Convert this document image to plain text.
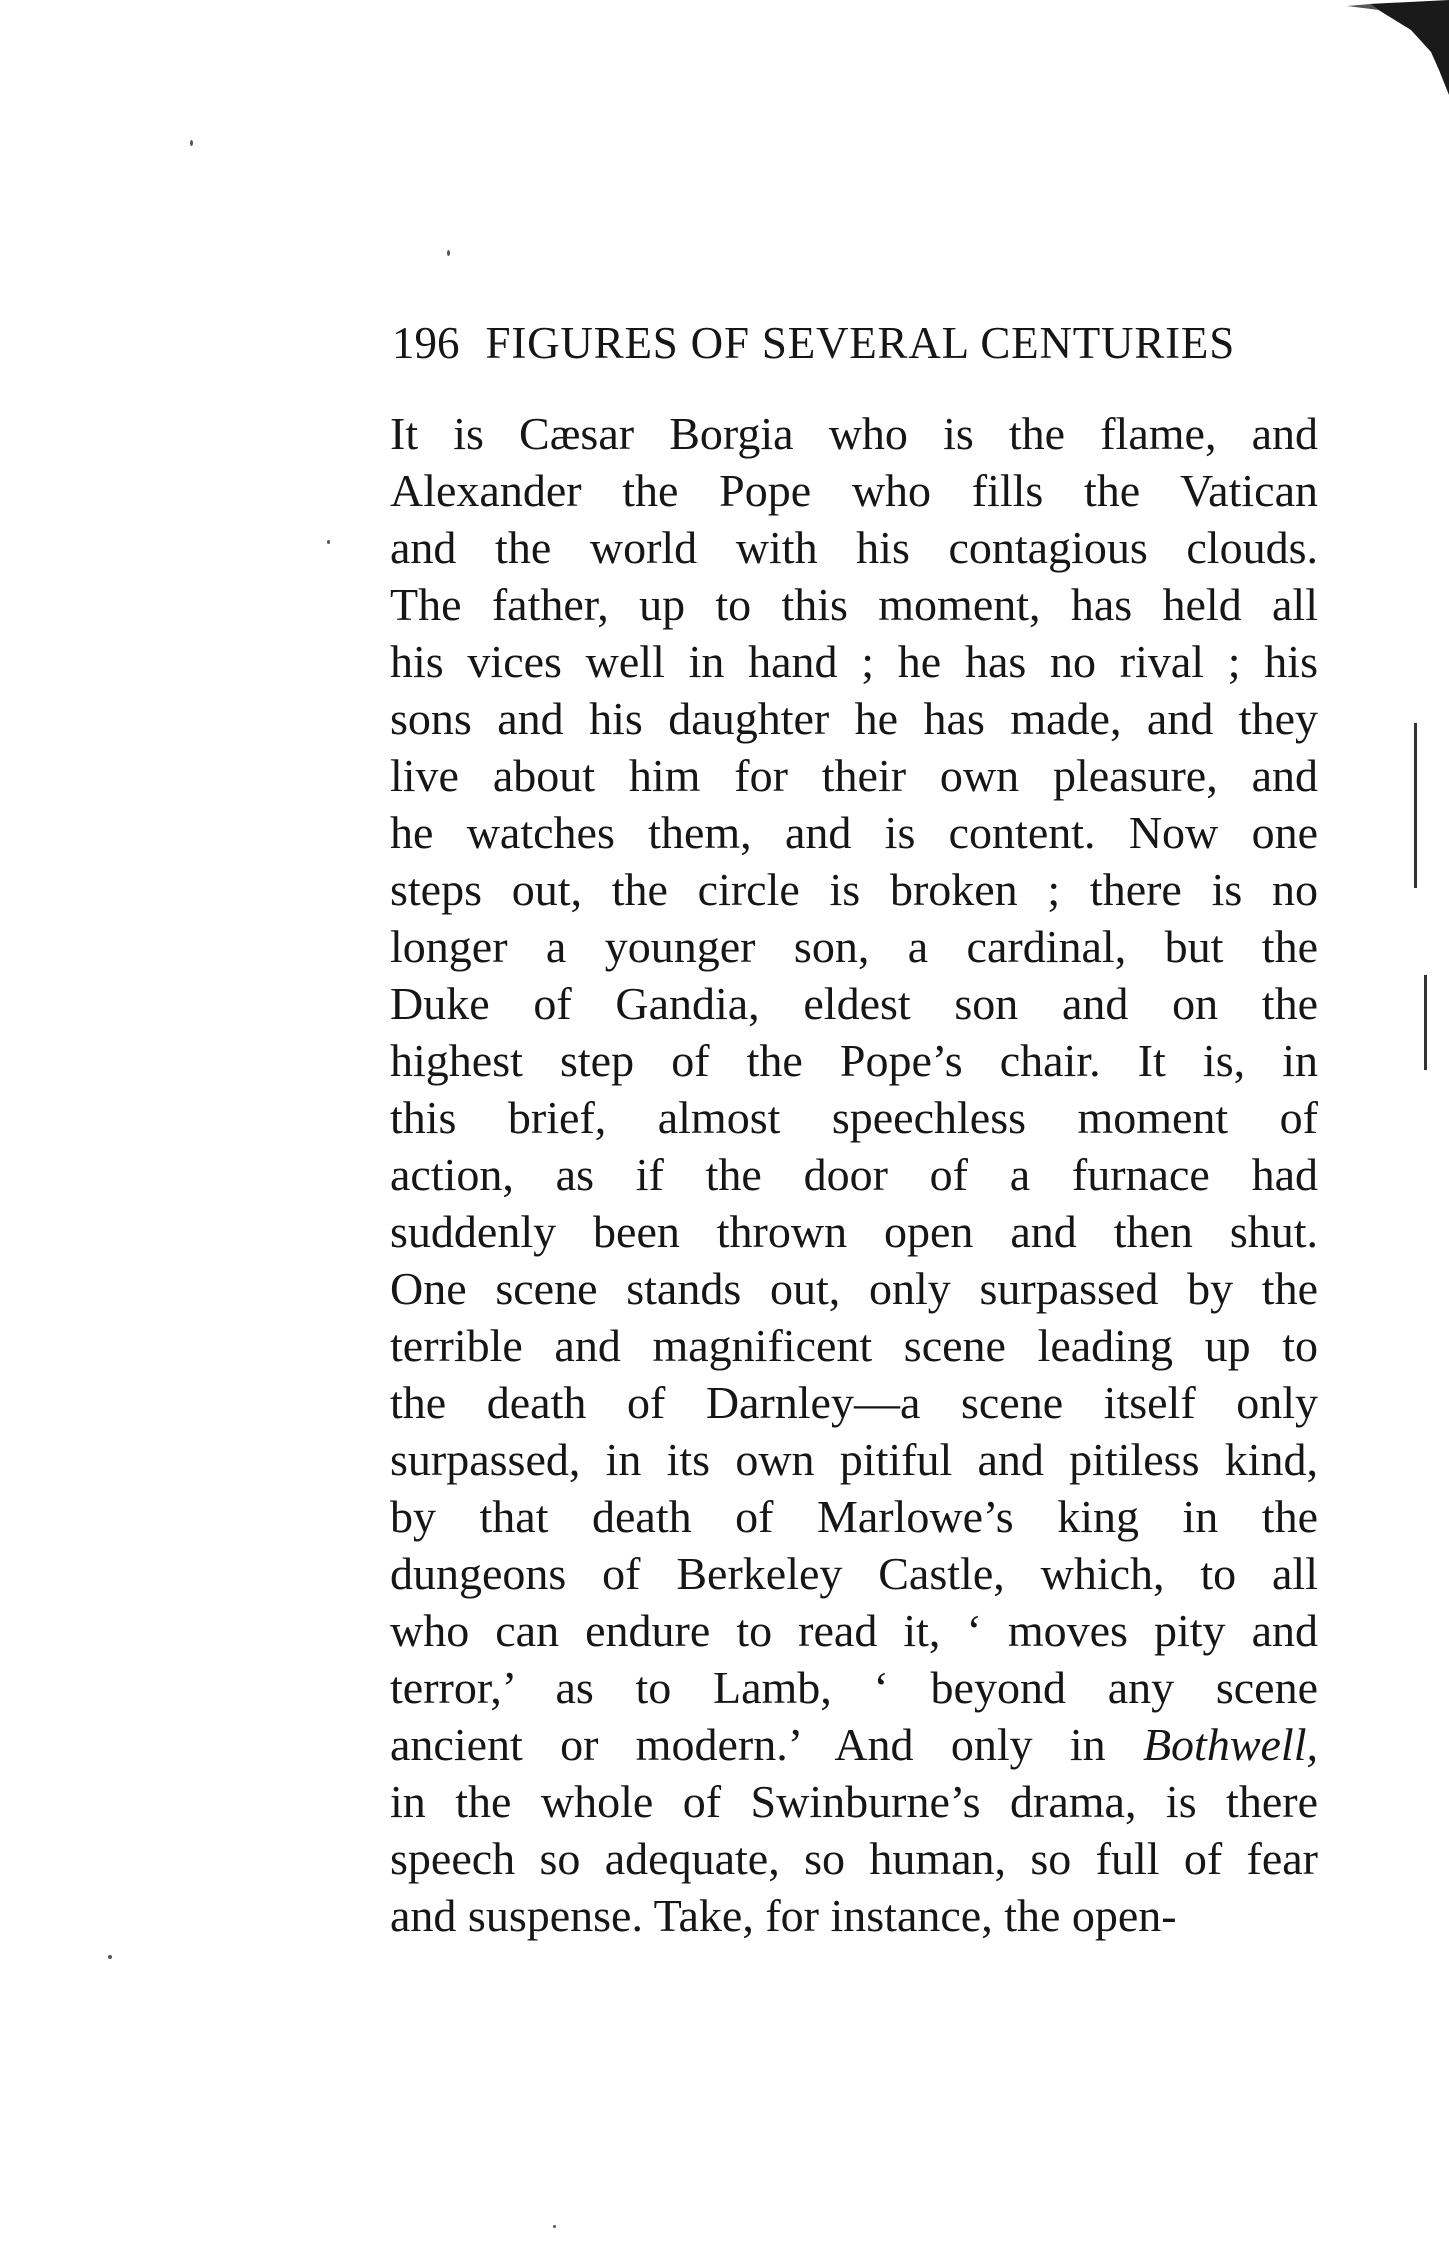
196 FIGURES OF SEVERAL CENTURIES
It is Cæsar Borgia who is the flame, and
Alexander the Pope who fills the Vatican
and the world with his contagious clouds.
The father, up to this moment, has held all
his vices well in hand ; he has no rival ; his
sons and his daughter he has made, and they
live about him for their own pleasure, and
he watches them, and is content. Now one
steps out, the circle is broken ; there is no
longer a younger son, a cardinal, but the
Duke of Gandia, eldest son and on the
highest step of the Pope’s chair. It is, in
this brief, almost speechless moment of
action, as if the door of a furnace had
suddenly been thrown open and then shut.
One scene stands out, only surpassed by the
terrible and magnificent scene leading up to
the death of Darnley—a scene itself only
surpassed, in its own pitiful and pitiless kind,
by that death of Marlowe’s king in the
dungeons of Berkeley Castle, which, to all
who can endure to read it, ‘ moves pity and
terror,’ as to Lamb, ‘ beyond any scene
ancient or modern.’ And only in Bothwell,
in the whole of Swinburne’s drama, is there
speech so adequate, so human, so full of fear
and suspense. Take, for instance, the open-
